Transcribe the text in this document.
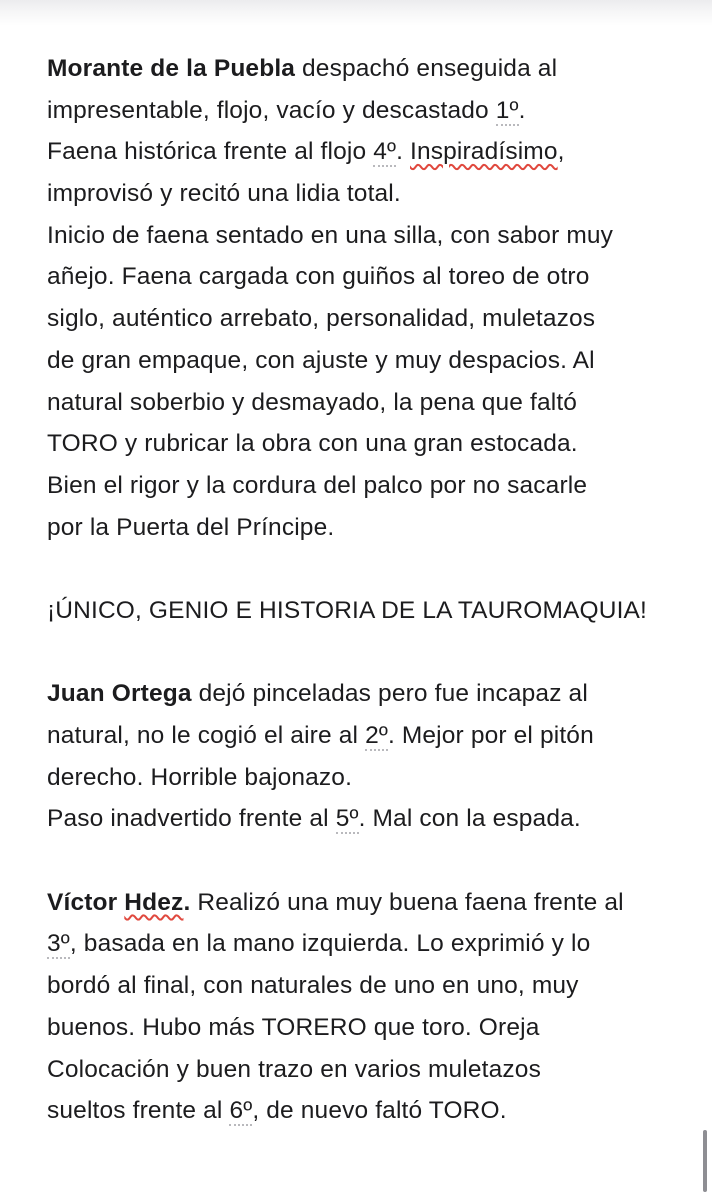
Morante de la Puebla despachó enseguida al
impresentable, flojo, vacío y descastado 1º.
Faena histórica frente al flojo 4º. Inspiradísimo,
improvisó y recitó una lidia total.
Inicio de faena sentado en una silla, con sabor muy
añejo. Faena cargada con guiños al toreo de otro
siglo, auténtico arrebato, personalidad, muletazos
de gran empaque, con ajuste y muy despacios. Al
natural soberbio y desmayado, la pena que faltó
TORO y rubricar la obra con una gran estocada.
Bien el rigor y la cordura del palco por no sacarle
por la Puerta del Príncipe.
¡ÚNICO, GENIO E HISTORIA DE LA TAUROMAQUIA!
Juan Ortega dejó pinceladas pero fue incapaz al
natural, no le cogió el aire al 2º. Mejor por el pitón
derecho. Horrible bajonazo.
Paso inadvertido frente al 5º. Mal con la espada.
Víctor Hdez. Realizó una muy buena faena frente al
3º, basada en la mano izquierda. Lo exprimió y lo
bordó al final, con naturales de uno en uno, muy
buenos. Hubo más TORERO que toro. Oreja
Colocación y buen trazo en varios muletazos
sueltos frente al 6º, de nuevo faltó TORO.
